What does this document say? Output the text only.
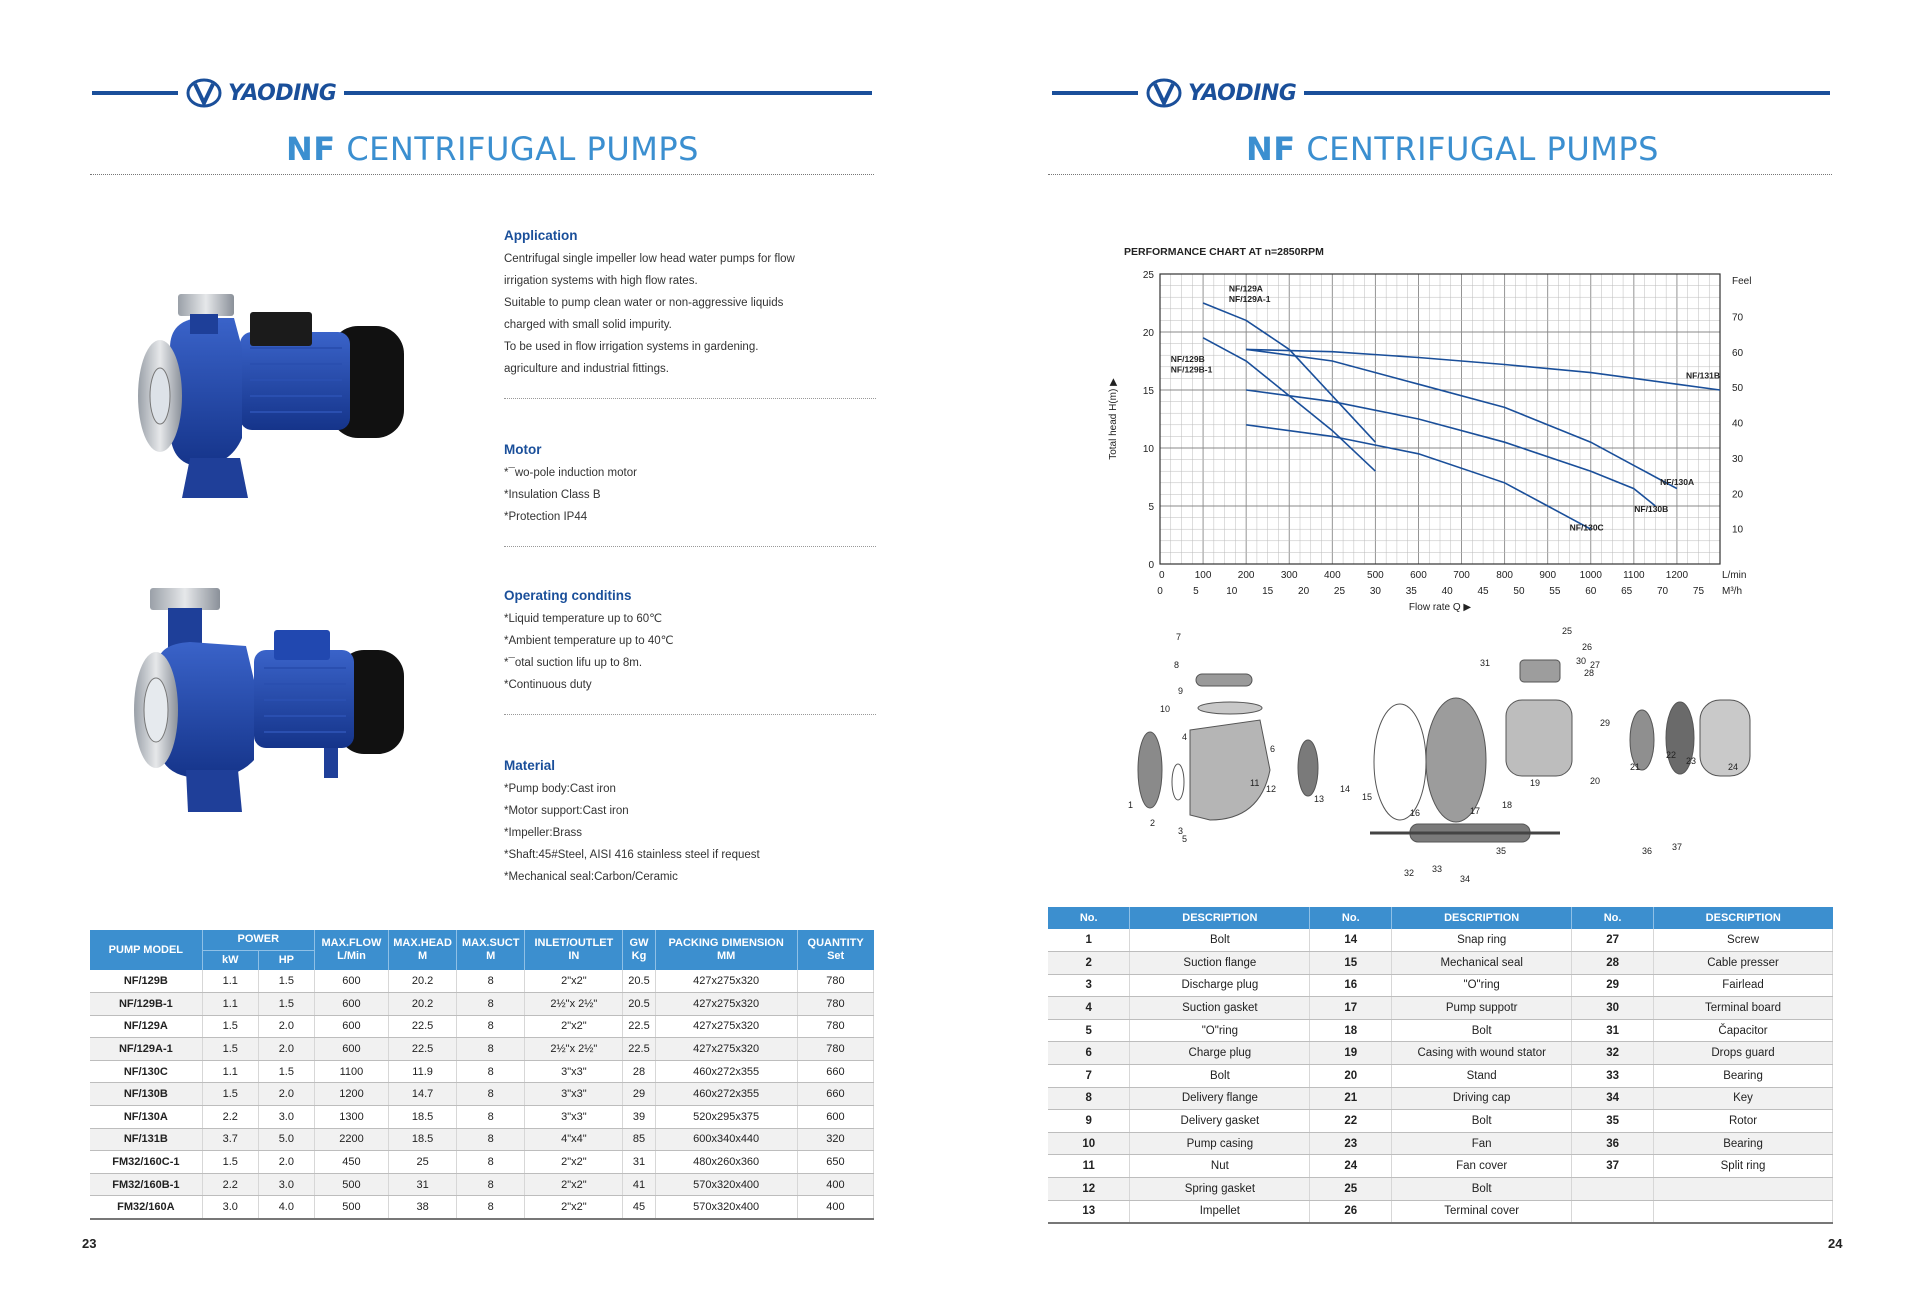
YAODING
NF CENTRIFUGAL PUMPS
Application

Centrifugal single impeller low head water pumps for flow

irrigation systems with high flow rates.

Suitable to pump clean water or non-aggressive liquids

charged with small solid impurity.

To be used in flow irrigation systems in gardening.

agriculture and industrial fittings.

Motor

*¯wo-pole induction motor

*Insulation Class B

*Protection IP44

Operating conditins

*Liquid temperature up to 60℃

*Ambient temperature up to 40℃

*¯otal suction lifu up to 8m.

*Continuous duty

Material

*Pump body:Cast iron

*Motor support:Cast iron

*Impeller:Brass

*Shaft:45#Steel, AISI 416 stainless steel if request

*Mechanical seal:Carbon/Ceramic

PUMP MODEL	POWER		MAX.FLOW
L/Min	MAX.HEAD
M	MAX.SUCT
M	INLET/OUTLET
IN	GW
Kg	PACKING DIMENSION
MM	QUANTITY
Set
	kW	HP							
NF/129B	1.1	1.5	600	20.2	8	2"x2"	20.5	427x275x320	780
NF/129B-1	1.1	1.5	600	20.2	8	2½"x 2½"	20.5	427x275x320	780
NF/129A	1.5	2.0	600	22.5	8	2"x2"	22.5	427x275x320	780
NF/129A-1	1.5	2.0	600	22.5	8	2½"x 2½"	22.5	427x275x320	780
NF/130C	1.1	1.5	1100	11.9	8	3"x3"	28	460x272x355	660
NF/130B	1.5	2.0	1200	14.7	8	3"x3"	29	460x272x355	660
NF/130A	2.2	3.0	1300	18.5	8	3"x3"	39	520x295x375	600
NF/131B	3.7	5.0	2200	18.5	8	4"x4"	85	600x340x440	320
FM32/160C-1	1.5	2.0	450	25	8	2"x2"	31	480x260x360	650
FM32/160B-1	2.2	3.0	500	31	8	2"x2"	41	570x320x400	400
FM32/160A	3.0	4.0	500	38	8	2"x2"	45	570x320x400	400
23
YAODING
NF CENTRIFUGAL PUMPS
24
PERFORMANCE CHART AT n=2850RPM
0
5
10
15
20
25
10
20
30
40
50
60
70
Feel
100	200	300	400	500	600	700	800	900 1000 1100 1200
0	L/min
0	5	10 15 20 25 30 35 40 45 50 55 60 65 70 75 M³/h
Flow rate Q ▶
Total head H(m) ▶
NF/129A
NF/129B
NF/131B
NF/130A
NF/130B
NF/130C
NF/129A-1
NF/129B-1
1
2
3
4
5
6
7
8
9
10
11
12
13
14
15
16	17
18
19	20
21
22
23
24
25
26
27
28
29
30
31
32 33
34
35	36 37
No.	DESCRIPTION	No.	DESCRIPTION	No.	DESCRIPTION
1	Bolt	14	Snap ring	27	Screw
2	Suction flange	15	Mechanical seal	28	Cable presser
3	Discharge plug	16	"O"ring	29	Fairlead
4	Suction gasket	17	Pump suppotr	30	Terminal board
5	"O"ring	18	Bolt	31	Čapacitor
6	Charge plug	19	Casing with wound stator	32	Drops guard
7	Bolt	20	Stand	33	Bearing
8	Delivery flange	21	Driving cap	34	Key
9	Delivery gasket	22	Bolt	35	Rotor
10	Pump casing	23	Fan	36	Bearing
11	Nut	24	Fan cover	37	Split ring
12	Spring gasket	25	Bolt		
13	Impellet	26	Terminal cover		
